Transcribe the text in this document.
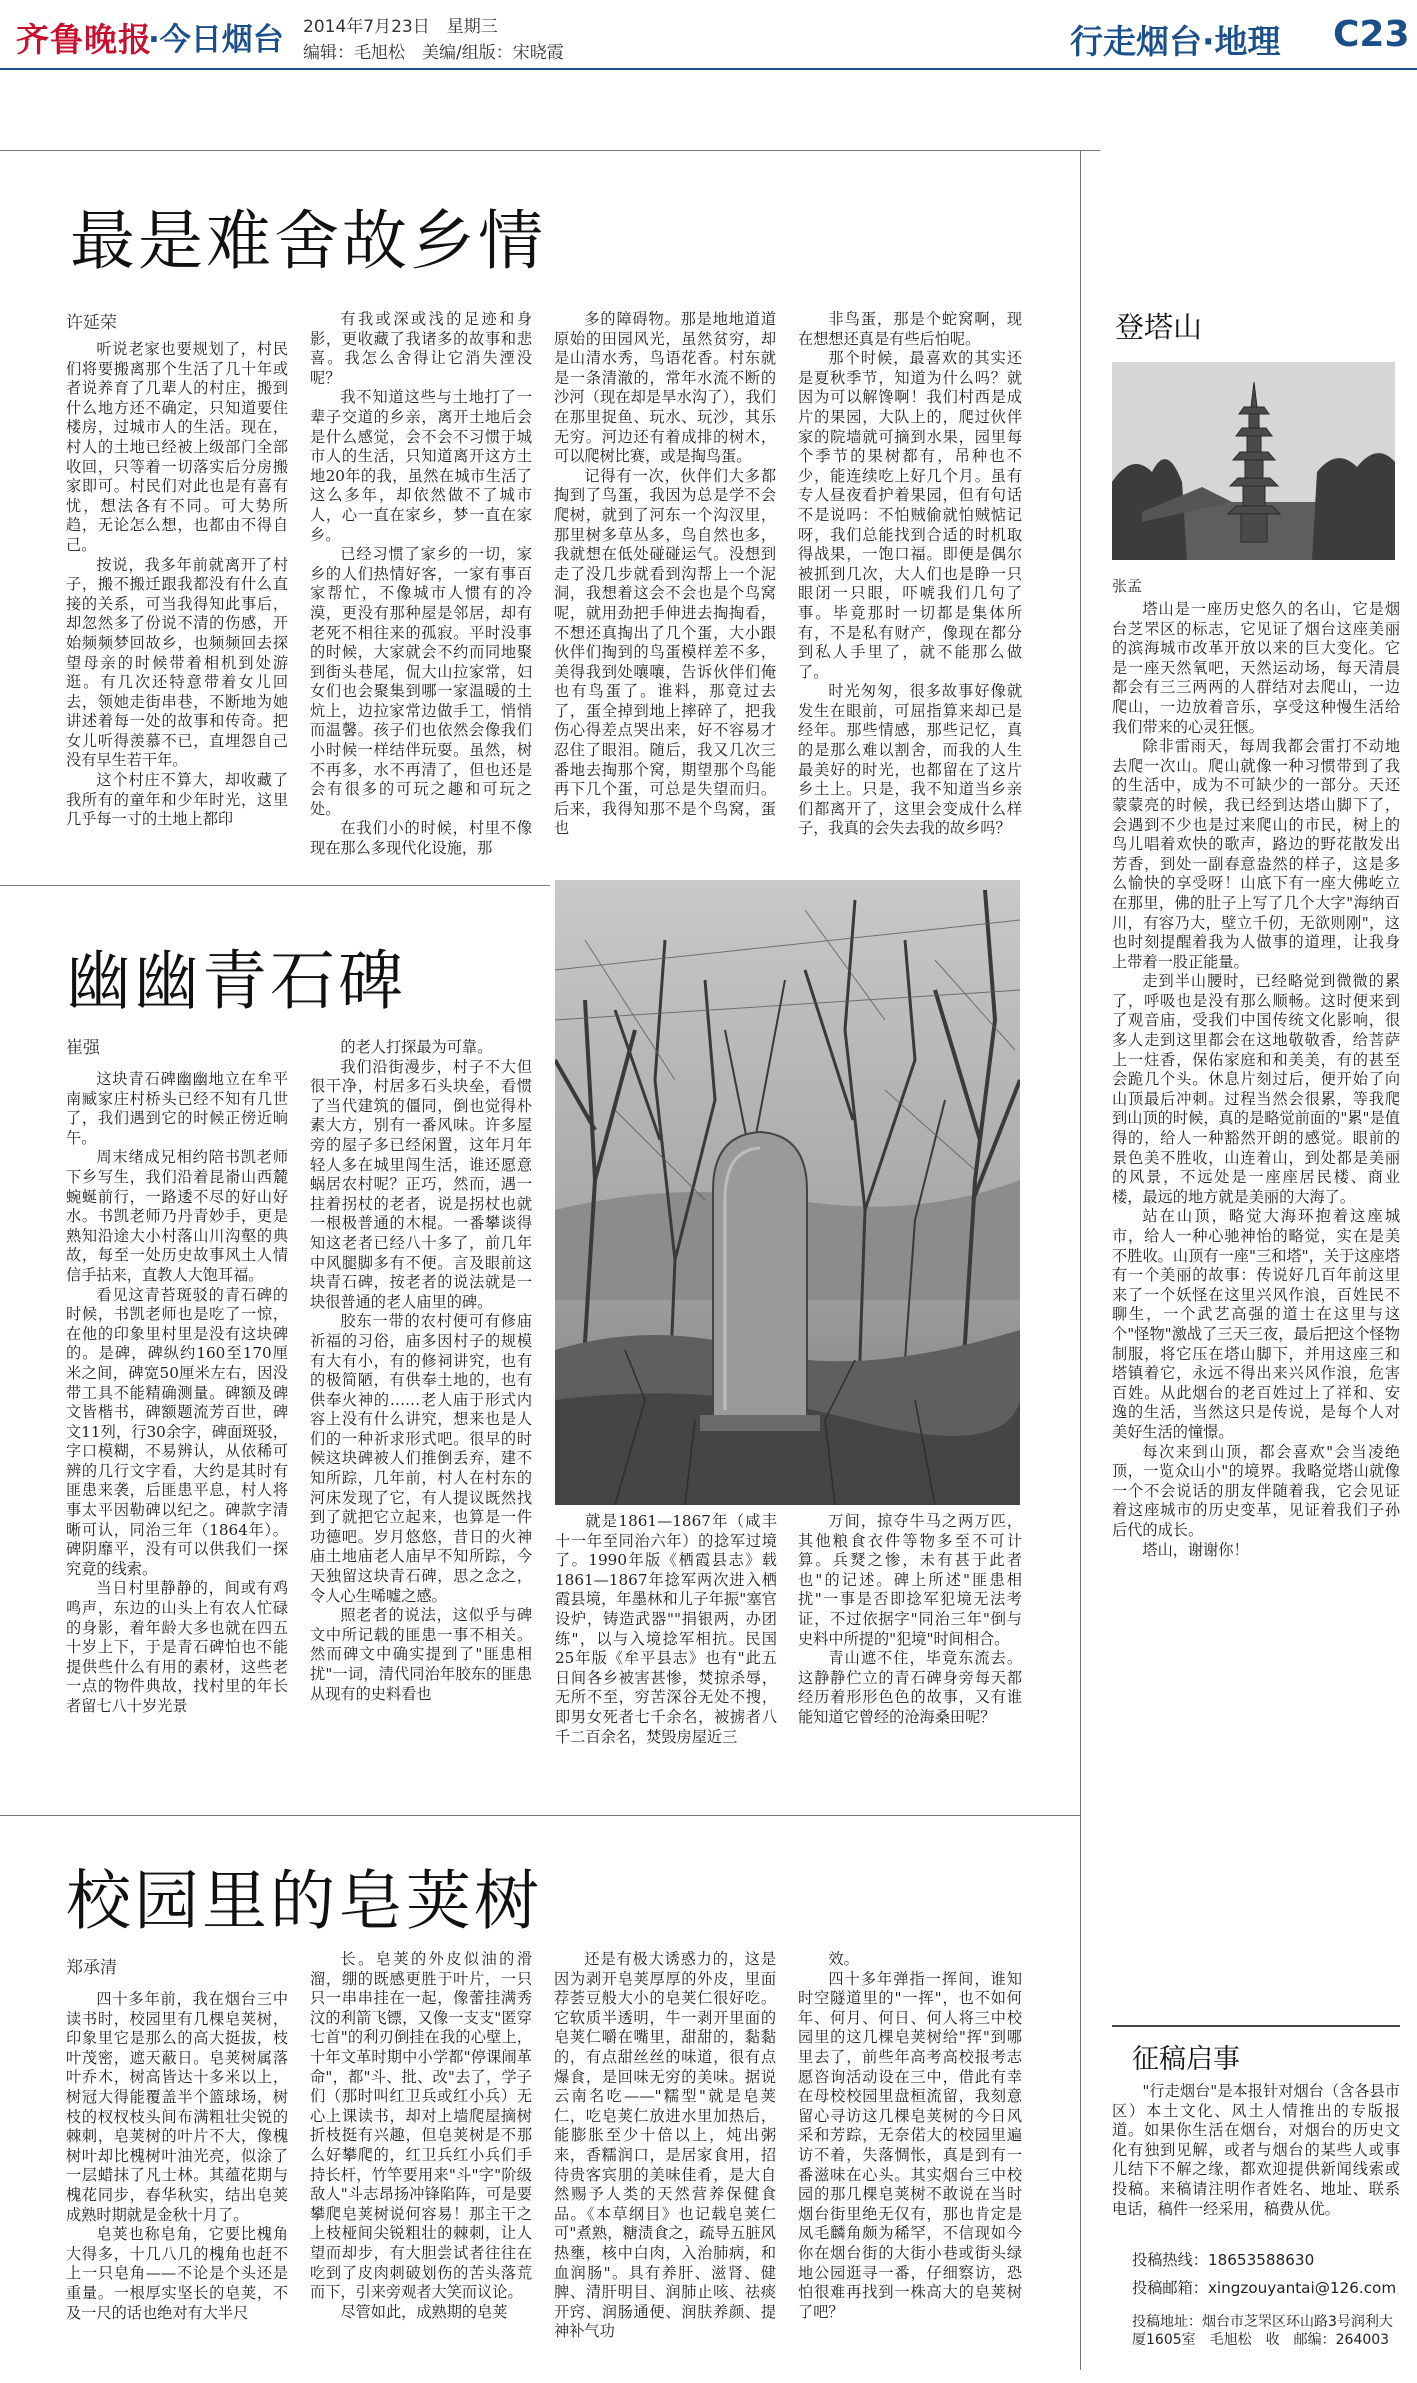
齐鲁晚报
·今日烟台 2014年7月23日　星期三
编辑：毛旭松　美编/组版：宋晓霞	行走烟台·地理 C23
最是难舍故乡情
许延荣

听说老家也要规划了，村民们将要搬离那个生活了几十年或者说养育了几辈人的村庄，搬到什么地方还不确定，只知道要住楼房，过城市人的生活。现在，村人的土地已经被上级部门全部收回，只等着一切落实后分房搬家即可。村民们对此也是有喜有忧，想法各有不同。可大势所趋，无论怎么想，也都由不得自己。

按说，我多年前就离开了村子，搬不搬迁跟我都没有什么直接的关系，可当我得知此事后，却忽然多了份说不清的伤感，开始频频梦回故乡，也频频回去探望母亲的时候带着相机到处游逛。有几次还特意带着女儿回去，领她走街串巷，不断地为她讲述着每一处的故事和传奇。把女儿听得羡慕不已，直埋怨自己没有早生若干年。

这个村庄不算大，却收藏了我所有的童年和少年时光，这里几乎每一寸的土地上都印

有我或深或浅的足迹和身影，更收藏了我诸多的故事和悲喜。我怎么舍得让它消失湮没呢？

我不知道这些与土地打了一辈子交道的乡亲，离开土地后会是什么感觉，会不会不习惯于城市人的生活，只知道离开这方土地20年的我，虽然在城市生活了这么多年，却依然做不了城市人，心一直在家乡，梦一直在家乡。

已经习惯了家乡的一切，家乡的人们热情好客，一家有事百家帮忙，不像城市人惯有的冷漠，更没有那种屋是邻居，却有老死不相往来的孤寂。平时没事的时候，大家就会不约而同地聚到街头巷尾，侃大山拉家常，妇女们也会聚集到哪一家温暖的土炕上，边拉家常边做手工，悄悄而温馨。孩子们也依然会像我们小时候一样结伴玩耍。虽然，树不再多，水不再清了，但也还是会有很多的可玩之趣和可玩之处。

在我们小的时候，村里不像现在那么多现代化设施，那

多的障碍物。那是地地道道原始的田园风光，虽然贫穷，却是山清水秀，鸟语花香。村东就是一条清澈的，常年水流不断的沙河（现在却是旱水沟了），我们在那里捉鱼、玩水、玩沙，其乐无穷。河边还有着成排的树木，可以爬树比赛，或是掏鸟蛋。

记得有一次，伙伴们大多都掏到了鸟蛋，我因为总是学不会爬树，就到了河东一个沟汊里，那里树多草丛多，鸟自然也多，我就想在低处碰碰运气。没想到走了没几步就看到沟帮上一个泥洞，我想着这会不会也是个鸟窝呢，就用劲把手伸进去掏掏看，不想还真掏出了几个蛋，大小跟伙伴们掏到的鸟蛋模样差不多，美得我到处嚷嚷，告诉伙伴们俺也有鸟蛋了。谁料，那竟过去了，蛋全掉到地上摔碎了，把我伤心得差点哭出来，好不容易才忍住了眼泪。随后，我又几次三番地去掏那个窝，期望那个鸟能再下几个蛋，可总是失望而归。后来，我得知那不是个鸟窝，蛋也

非鸟蛋，那是个蛇窝啊，现在想想还真是有些后怕呢。

那个时候，最喜欢的其实还是夏秋季节，知道为什么吗？就因为可以解馋啊！我们村西是成片的果园，大队上的，爬过伙伴家的院墙就可摘到水果，园里每个季节的果树都有，吊种也不少，能连续吃上好几个月。虽有专人昼夜看护着果园，但有句话不是说吗：不怕贼偷就怕贼惦记呀，我们总能找到合适的时机取得战果，一饱口福。即便是偶尔被抓到几次，大人们也是睁一只眼闭一只眼，吓唬我们几句了事。毕竟那时一切都是集体所有，不是私有财产，像现在都分到私人手里了，就不能那么做了。

时光匆匆，很多故事好像就发生在眼前，可屈指算来却已是经年。那些情感，那些记忆，真的是那么难以割舍，而我的人生最美好的时光，也都留在了这片乡土上。只是，我不知道当乡亲们都离开了，这里会变成什么样子，我真的会失去我的故乡吗？

幽幽青石碑
崔强

这块青石碑幽幽地立在牟平南臧家庄村桥头已经不知有几世了，我们遇到它的时候正傍近晌午。

周末绪成兄相约陪书凯老师下乡写生，我们沿着昆嵛山西麓蜿蜒前行，一路逶不尽的好山好水。书凯老师乃丹青妙手，更是熟知沿途大小村落山川沟壑的典故，每至一处历史故事风土人情信手拈来，直教人大饱耳福。

看见这青苔斑驳的青石碑的时候，书凯老师也是吃了一惊，在他的印象里村里是没有这块碑的。是碑，碑纵约160至170厘米之间，碑宽50厘米左右，因没带工具不能精确测量。碑额及碑文皆楷书，碑额题流芳百世，碑文11列，行30余字，碑面斑驳，字口模糊，不易辨认，从依稀可辨的几行文字看，大约是其时有匪患来袭，后匪患平息，村人将事太平因勒碑以纪之。碑款字清晰可认，同治三年（1864年）。碑阴靡平，没有可以供我们一探究竟的线索。

当日村里静静的，间或有鸡鸣声，东边的山头上有农人忙碌的身影，着年龄大多也就在四五十岁上下，于是青石碑怕也不能提供些什么有用的素材，这些老一点的物件典故，找村里的年长者留七八十岁光景

的老人打探最为可靠。

我们沿街漫步，村子不大但很干净，村居多石头块垒，看惯了当代建筑的僵同，倒也觉得朴素大方，别有一番风味。许多屋旁的屋子多已经闲置，这年月年轻人多在城里闯生活，谁还愿意蜗居农村呢？正巧，然而，遇一拄着拐杖的老者，说是拐杖也就一根极普通的木棍。一番攀谈得知这老者已经八十多了，前几年中风腿脚多有不便。言及眼前这块青石碑，按老者的说法就是一块很普通的老人庙里的碑。

胶东一带的农村便可有修庙祈福的习俗，庙多因村子的规模有大有小，有的修祠讲究，也有的极简陋，有供奉土地的，也有供奉火神的……老人庙于形式内容上没有什么讲究，想来也是人们的一种祈求形式吧。很早的时候这块碑被人们推倒丢弃，建不知所踪，几年前，村人在村东的河床发现了它，有人提议既然找到了就把它立起来，也算是一件功德吧。岁月悠悠，昔日的火神庙土地庙老人庙早不知所踪，今天独留这块青石碑，思之念之，令人心生唏嘘之感。

照老者的说法，这似乎与碑文中所记载的匪患一事不相关。然而碑文中确实提到了"匪患相扰"一词，清代同治年胶东的匪患从现有的史料看也

就是1861—1867年（咸丰十一年至同治六年）的捻军过境了。1990年版《栖霞县志》载1861—1867年捻军两次进入栖霞县境，年墨林和儿子年振"塞官设炉，铸造武器""捐银两，办团练"，以与入境捻军相抗。民国25年版《牟平县志》也有"此五日间各乡被害甚惨，焚掠杀辱，无所不至，穷苦深谷无处不搜，即男女死者七千余名，被掳者八千二百余名，焚毁房屋近三

万间，掠夺牛马之两万匹，其他粮食衣件等物多至不可计算。兵燹之惨，未有甚于此者也"的记述。碑上所述"匪患相扰"一事是否即捻军犯境无法考证，不过依据字"同治三年"倒与史料中所提的"犯境"时间相合。

青山遮不住，毕竟东流去。这静静伫立的青石碑身旁每天都经历着形形色色的故事，又有谁能知道它曾经的沧海桑田呢？

校园里的皂荚树
郑承清

四十多年前，我在烟台三中读书时，校园里有几棵皂荚树，印象里它是那么的高大挺拔，枝叶茂密，遮天蔽日。皂荚树属落叶乔木，树高皆达十多米以上，树冠大得能覆盖半个篮球场，树枝的杈杈枝头间布满粗壮尖锐的棘刺，皂荚树的叶片不大，像槐树叶却比槐树叶油光亮，似涂了一层蜡抹了凡士林。其蕴花期与槐花同步，春华秋实，结出皂荚成熟时期就是金秋十月了。

皂荚也称皂角，它要比槐角大得多，十几八几的槐角也赶不上一只皂角——不论是个头还是重量。一根厚实坚长的皂荚，不及一尺的话也绝对有大半尺

长。皂荚的外皮似油的滑溜，绷的既感更胜于叶片，一只只一串串挂在一起，像蕾挂满秀汶的利箭飞镖，又像一支支"匿穿七首"的利刃倒挂在我的心壁上，十年文革时期中小学都"停课闹革命"，都"斗、批、改"去了，学子们（那时叫红卫兵或红小兵）无心上课读书，却对上墙爬屋摘树折枝挺有兴趣，但皂荚树是不那么好攀爬的，红卫兵红小兵们手持长杆，竹竿要用来"斗"字"阶级敌人"斗志昂扬冲锋陷阵，可是要攀爬皂荚树说何容易！那主干之上枝桠间尖锐粗壮的棘刺，让人望而却步，有大胆尝试者往往在吃到了皮肉刺破划伤的苦头落荒而下，引来旁观者大笑而议论。

尽管如此，成熟期的皂荚

还是有极大诱惑力的，这是因为剥开皂荚厚厚的外皮，里面荐荟豆般大小的皂荚仁很好吃。它软质半透明，牛一剥开里面的皂荚仁嚼在嘴里，甜甜的，黏黏的，有点甜丝丝的味道，很有点爆食，是回味无穷的美味。据说云南名吃——"糯型"就是皂荚仁，吃皂荚仁放进水里加热后，能膨胀至少十倍以上，炖出粥来，香糯润口，是居家食用，招待贵客宾朋的美味佳肴，是大自然赐予人类的天然营养保健食品。《本草纲目》也记载皂荚仁可"煮熟，糖渍食之，疏导五脏风热壅，核中白肉，入治肺病，和血润肠"。具有养肝、滋肾、健脾、清肝明目、润肺止咳、祛痰开窍、润肠通便、润肤养颜、提神补气功

效。

四十多年弹指一挥间，谁知时空隧道里的"一挥"，也不如何年、何月、何日、何人将三中校园里的这几棵皂荚树给"挥"到哪里去了，前些年高考高校报考志愿咨询活动设在三中，借此有幸在母校校园里盘桓流留，我刻意留心寻访这几棵皂荚树的今日风采和芳踪，无奈偌大的校园里遍访不着，失落惆怅，真是到有一番滋味在心头。其实烟台三中校园的那几棵皂荚树不敢说在当时烟台街里绝无仅有，那也肯定是凤毛麟角颇为稀罕，不信现如今你在烟台街的大街小巷或街头绿地公园逛寻一番，仔细察访，恐怕很难再找到一株高大的皂荚树了吧？

登塔山
张孟

塔山是一座历史悠久的名山，它是烟台芝罘区的标志，它见证了烟台这座美丽的滨海城市改革开放以来的巨大变化。它是一座天然氧吧，天然运动场，每天清晨都会有三三两两的人群结对去爬山，一边爬山，一边放着音乐，享受这种慢生活给我们带来的心灵狂惬。

除非雷雨天，每周我都会雷打不动地去爬一次山。爬山就像一种习惯带到了我的生活中，成为不可缺少的一部分。天还蒙蒙亮的时候，我已经到达塔山脚下了，会遇到不少也是过来爬山的市民，树上的鸟儿唱着欢快的歌声，路边的野花散发出芳香，到处一副春意盎然的样子，这是多么愉快的享受呀！山底下有一座大佛屹立在那里，佛的肚子上写了几个大字"海纳百川，有容乃大，壁立千仞，无欲则刚"，这也时刻提醒着我为人做事的道理，让我身上带着一股正能量。

走到半山腰时，已经略觉到微微的累了，呼吸也是没有那么顺畅。这时便来到了观音庙，受我们中国传统文化影响，很多人走到这里都会在这地敬敬香，给菩萨上一炷香，保佑家庭和和美美，有的甚至会跪几个头。休息片刻过后，便开始了向山顶最后冲刺。过程当然会很累，等我爬到山顶的时候，真的是略觉前面的"累"是值得的，给人一种豁然开朗的感觉。眼前的景色美不胜收，山连着山，到处都是美丽的风景，不远处是一座座居民楼、商业楼，最远的地方就是美丽的大海了。

站在山顶，略觉大海环抱着这座城市，给人一种心驰神怡的略觉，实在是美不胜收。山顶有一座"三和塔"，关于这座塔有一个美丽的故事：传说好几百年前这里来了一个妖怪在这里兴风作浪，百姓民不聊生，一个武艺高强的道士在这里与这个"怪物"激战了三天三夜，最后把这个怪物制服，将它压在塔山脚下，并用这座三和塔镇着它，永远不得出来兴风作浪，危害百姓。从此烟台的老百姓过上了祥和、安逸的生活，当然这只是传说，是每个人对美好生活的憧憬。

每次来到山顶，都会喜欢"会当凌绝顶，一览众山小"的境界。我略觉塔山就像一个不会说话的朋友伴随着我，它会见证着这座城市的历史变革，见证着我们子孙后代的成长。

塔山，谢谢你！

征稿启事

"行走烟台"是本报针对烟台（含各县市区）本土文化、风土人情推出的专版报道。如果你生活在烟台，对烟台的历史文化有独到见解，或者与烟台的某些人或事儿结下不解之缘，都欢迎提供新闻线索或投稿。来稿请注明作者姓名、地址、联系电话，稿件一经采用，稿费从优。

投稿热线：18653588630
投稿邮箱：xingzouyantai@126.com
投稿地址：烟台市芝罘区环山路3号润利大厦1605室　毛旭松　收　邮编：264003
